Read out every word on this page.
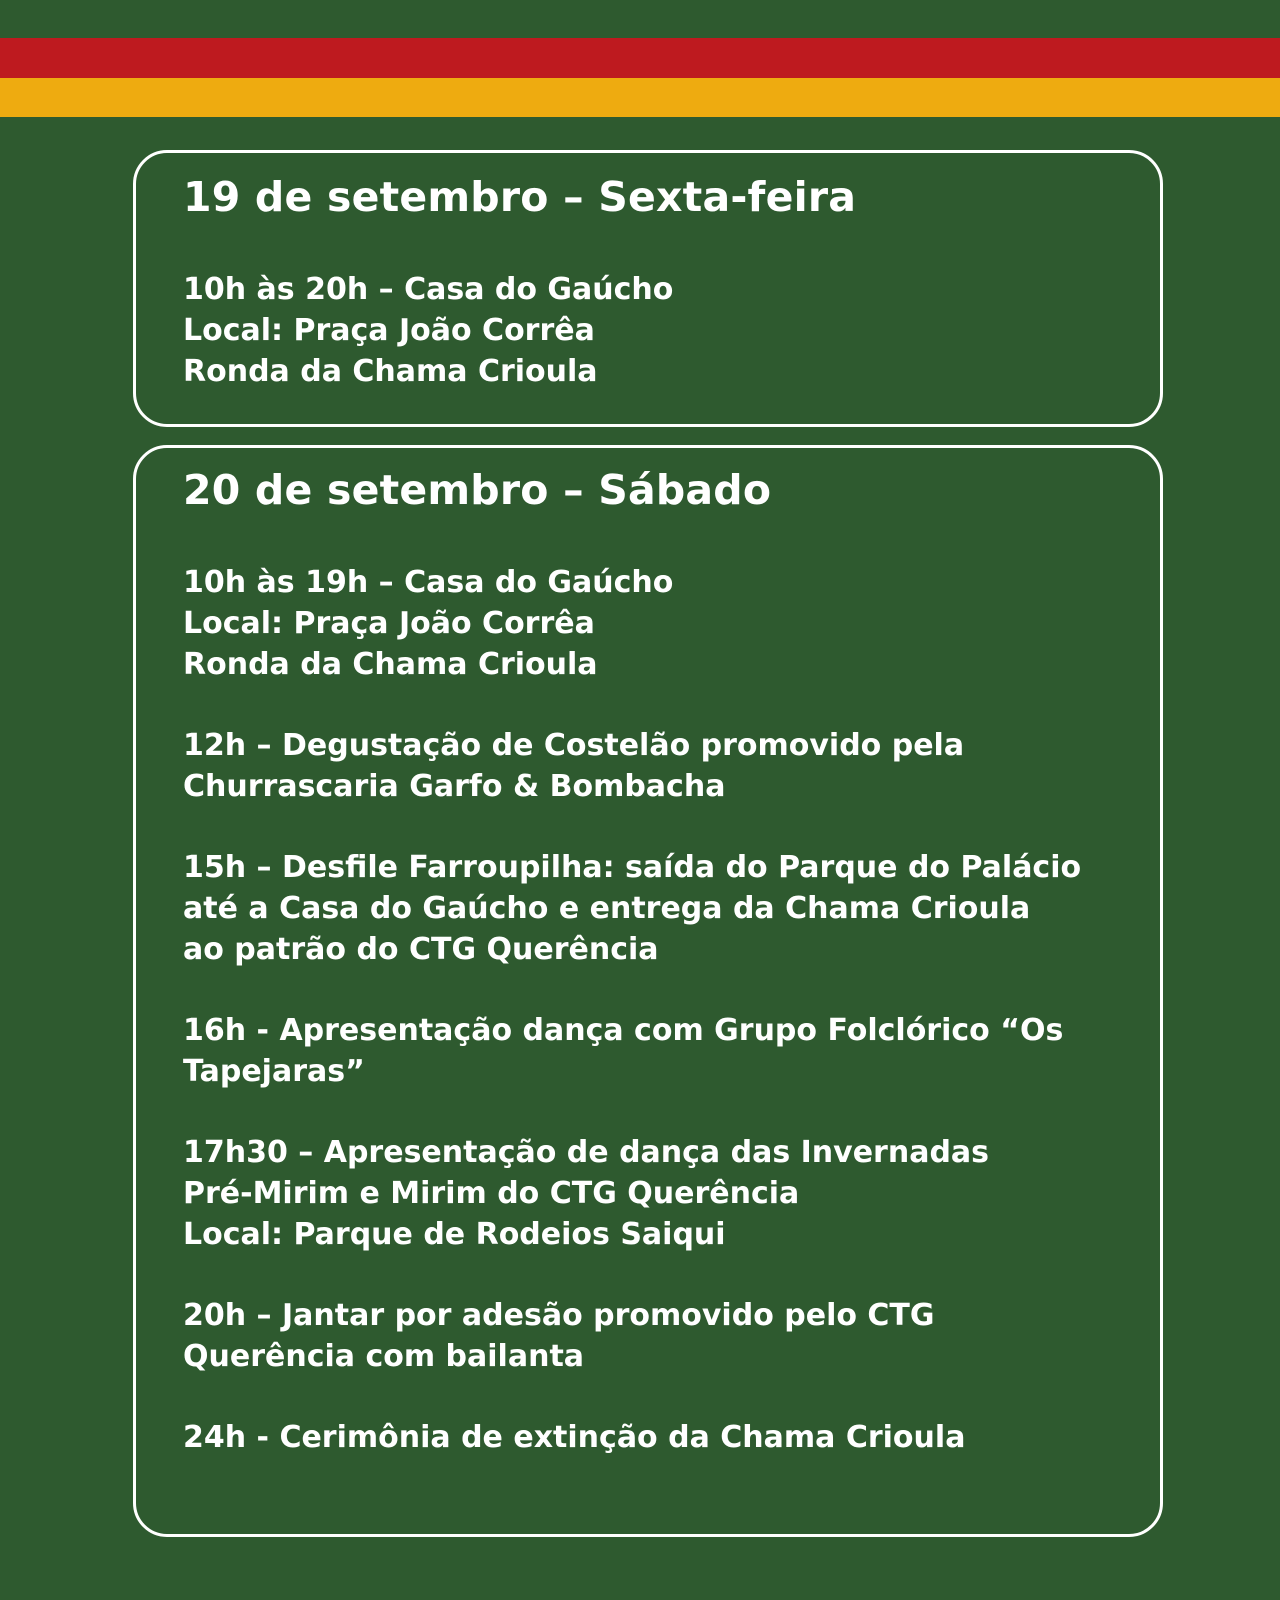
19 de setembro – Sexta-feira
10h às 20h – Casa do Gaúcho
Local: Praça João Corrêa
Ronda da Chama Crioula
20 de setembro – Sábado
10h às 19h – Casa do Gaúcho
Local: Praça João Corrêa
Ronda da Chama Crioula
12h – Degustação de Costelão promovido pela
Churrascaria Garfo & Bombacha
15h – Desfile Farroupilha: saída do Parque do Palácio
até a Casa do Gaúcho e entrega da Chama Crioula
ao patrão do CTG Querência
16h - Apresentação dança com Grupo Folclórico “Os
Tapejaras”
17h30 – Apresentação de dança das Invernadas
Pré-Mirim e Mirim do CTG Querência
Local: Parque de Rodeios Saiqui
20h – Jantar por adesão promovido pelo CTG
Querência com bailanta
24h - Cerimônia de extinção da Chama Crioula
